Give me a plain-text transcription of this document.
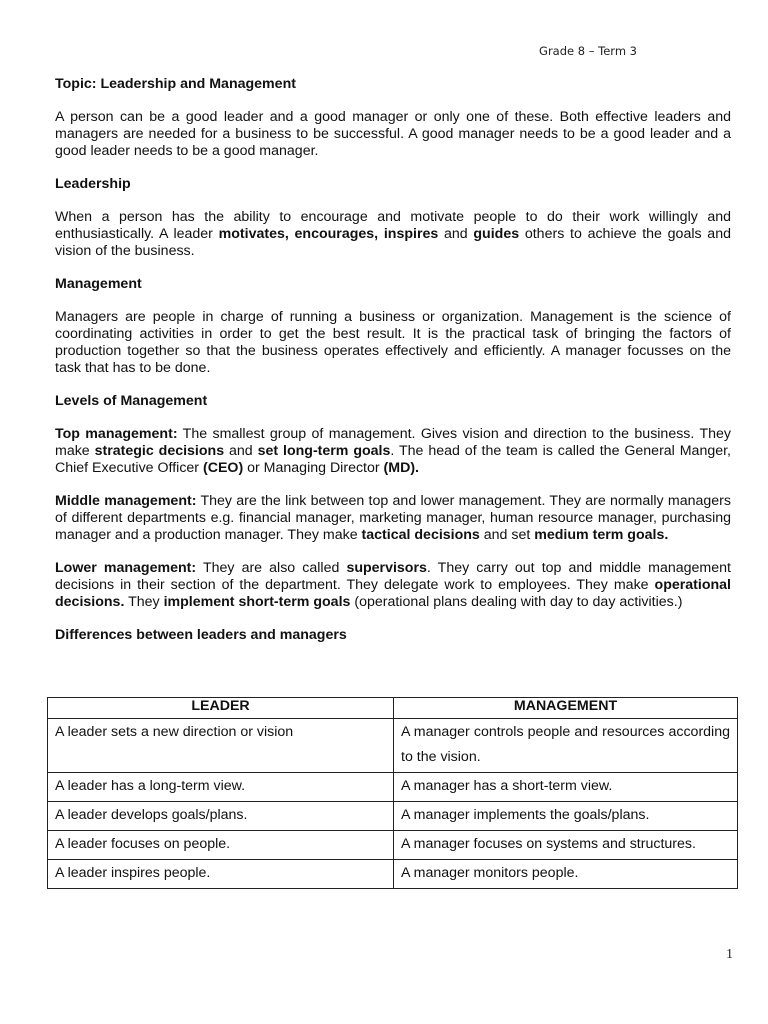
Grade 8 – Term 3

Topic: Leadership and Management

A person can be a good leader and a good manager or only one of these. Both effective leaders and managers are needed for a business to be successful. A good manager needs to be a good leader and a good leader needs to be a good manager.

Leadership

When a person has the ability to encourage and motivate people to do their work willingly and enthusiastically. A leader motivates, encourages, inspires and guides others to achieve the goals and vision of the business.

Management

Managers are people in charge of running a business or organization. Management is the science of coordinating activities in order to get the best result. It is the practical task of bringing the factors of production together so that the business operates effectively and efficiently. A manager focusses on the task that has to be done.

Levels of Management

Top management: The smallest group of management. Gives vision and direction to the business. They make strategic decisions and set long-term goals. The head of the team is called the General Manger, Chief Executive Officer (CEO) or Managing Director (MD).

Middle management: They are the link between top and lower management. They are normally managers of different departments e.g. financial manager, marketing manager, human resource manager, purchasing manager and a production manager. They make tactical decisions and set medium term goals.

Lower management: They are also called supervisors. They carry out top and middle management decisions in their section of the department. They delegate work to employees. They make operational decisions. They implement short-term goals (operational plans dealing with day to day activities.)

Differences between leaders and managers

LEADER	MANAGEMENT
A leader sets a new direction or vision	A manager controls people and resources according to the vision.
A leader has a long-term view.	A manager has a short-term view.
A leader develops goals/plans.	A manager implements the goals/plans.
A leader focuses on people.	A manager focuses on systems and structures.
A leader inspires people.	A manager monitors people.
1
